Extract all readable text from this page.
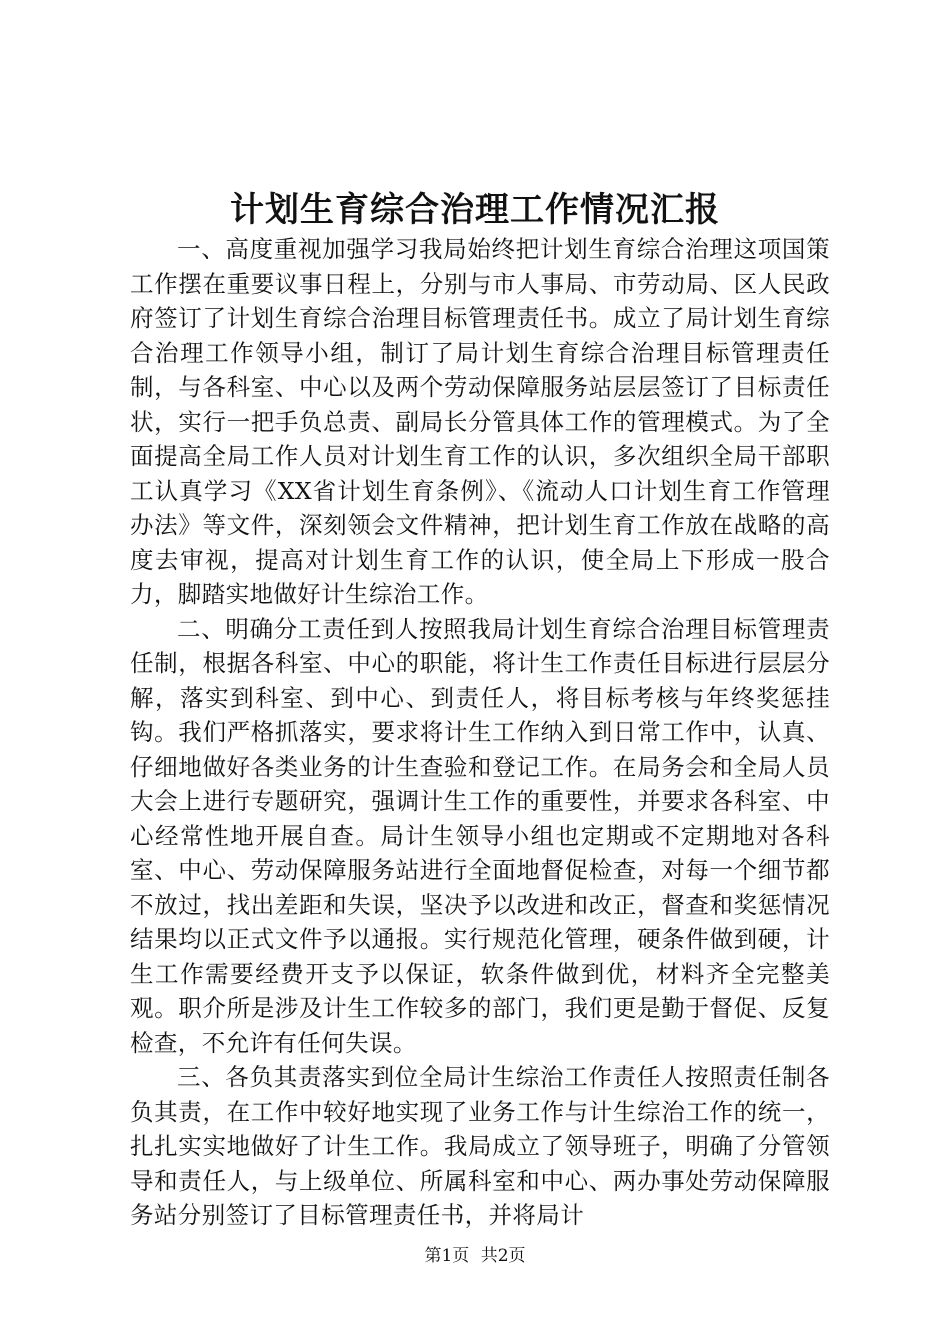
计划生育综合治理工作情况汇报

一、高度重视加强学习我局始终把计划生育综合治理这项国策工作摆在重要议事日程上，分别与市人事局、市劳动局、区人民政府签订了计划生育综合治理目标管理责任书。成立了局计划生育综合治理工作领导小组，制订了局计划生育综合治理目标管理责任制，与各科室、中心以及两个劳动保障服务站层层签订了目标责任状，实行一把手负总责、副局长分管具体工作的管理模式。为了全面提高全局工作人员对计划生育工作的认识，多次组织全局干部职工认真学习《XX省计划生育条例》、《流动人口计划生育工作管理办法》等文件，深刻领会文件精神，把计划生育工作放在战略的高度去审视，提高对计划生育工作的认识，使全局上下形成一股合力，脚踏实地做好计生综治工作。

二、明确分工责任到人按照我局计划生育综合治理目标管理责任制，根据各科室、中心的职能，将计生工作责任目标进行层层分解，落实到科室、到中心、到责任人，将目标考核与年终奖惩挂钩。我们严格抓落实，要求将计生工作纳入到日常工作中，认真、仔细地做好各类业务的计生查验和登记工作。在局务会和全局人员大会上进行专题研究，强调计生工作的重要性，并要求各科室、中心经常性地开展自查。局计生领导小组也定期或不定期地对各科室、中心、劳动保障服务站进行全面地督促检查，对每一个细节都不放过，找出差距和失误，坚决予以改进和改正，督查和奖惩情况结果均以正式文件予以通报。实行规范化管理，硬条件做到硬，计生工作需要经费开支予以保证，软条件做到优，材料齐全完整美观。职介所是涉及计生工作较多的部门，我们更是勤于督促、反复检查，不允许有任何失误。

三、各负其责落实到位全局计生综治工作责任人按照责任制各负其责，在工作中较好地实现了业务工作与计生综治工作的统一，扎扎实实地做好了计生工作。我局成立了领导班子，明确了分管领导和责任人，与上级单位、所属科室和中心、两办事处劳动保障服务站分别签订了目标管理责任书，并将局计

第1页 共2页
